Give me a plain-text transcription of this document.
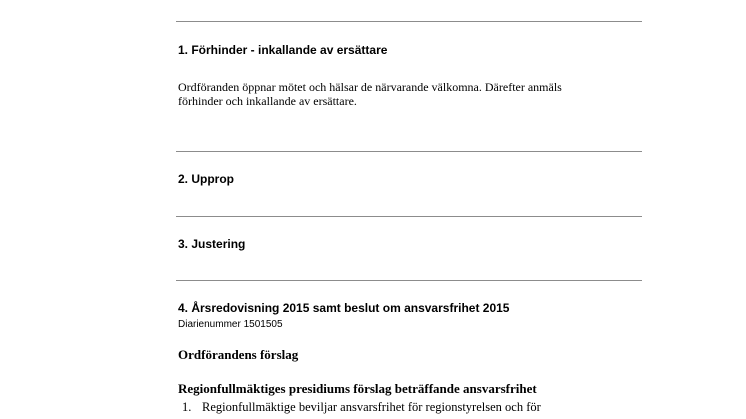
1. Förhinder - inkallande av ersättare
Ordföranden öppnar mötet och hälsar de närvarande välkomna. Därefter anmäls
förhinder och inkallande av ersättare.
2. Upprop
3. Justering
4. Årsredovisning 2015 samt beslut om ansvarsfrihet 2015
Diarienummer 1501505
Ordförandens förslag
Regionfullmäktiges presidiums förslag beträffande ansvarsfrihet
1. Regionfullmäktige beviljar ansvarsfrihet för regionstyrelsen och för
